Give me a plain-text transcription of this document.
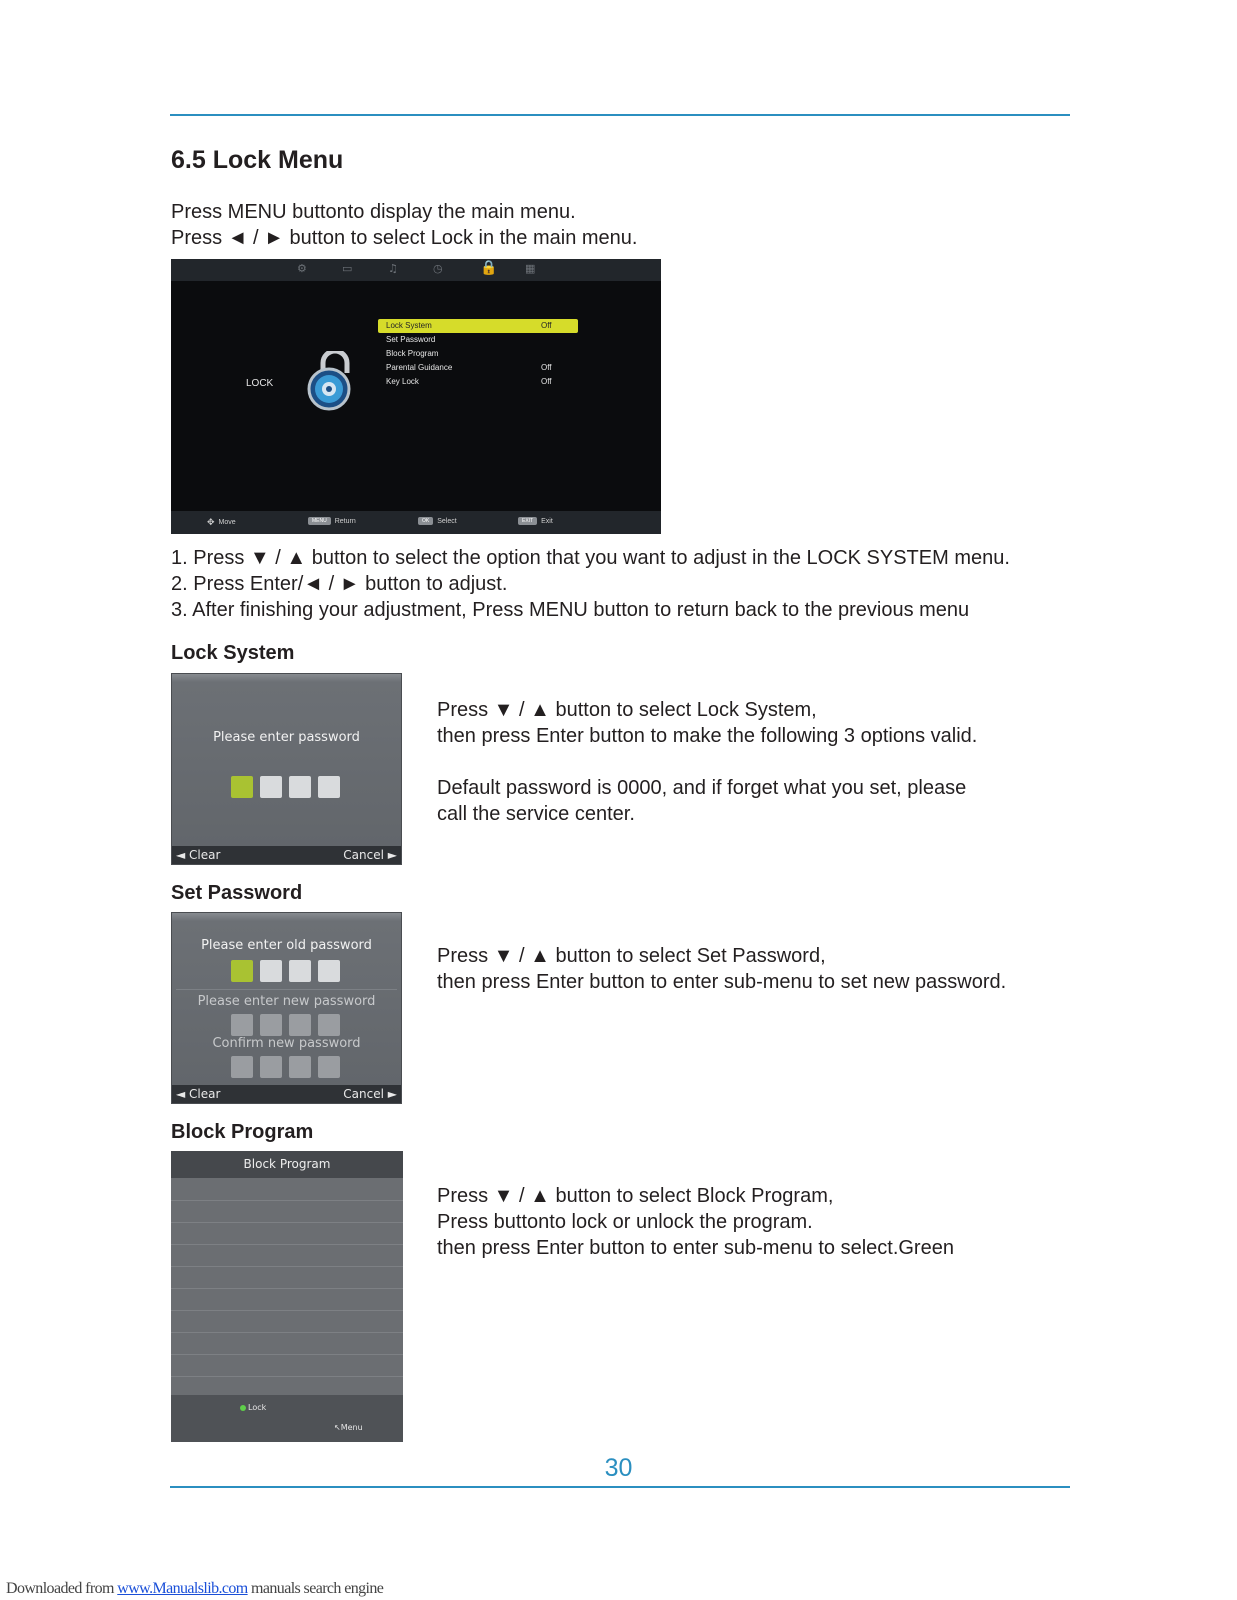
6.5 Lock Menu
Press MENU buttonto display the main menu.
Press ◄ / ► button to select Lock in the main menu.
⚙	▭	♫	◷	🔒	▦
LOCK
Lock System	Off
Set Password
Block Program
Parental Guidance	Off
Key Lock	Off
✥ Move	MENU	Return	OK	Select	EXIT	Exit
1. Press ▼ / ▲ button to select the option that you want to adjust in the LOCK SYSTEM menu.
2. Press Enter/◄ / ► button to adjust.
3. After finishing your adjustment, Press MENU button to return back to the previous menu
Lock System
Please enter password
◄ Clear	Cancel ►
Press ▼ / ▲ button to select Lock System,
then press Enter button to make the following 3 options valid.
Default password is 0000, and if forget what you set, please
call the service center.
Set Password
Please enter old password
Please enter new password
Confirm new password
◄ Clear	Cancel ►
Press ▼ / ▲ button to select Set Password,
then press Enter button to enter sub-menu to set new password.
Block Program
Block Program
Lock
↖Menu
Press ▼ / ▲ button to select Block Program,
Press buttonto lock or unlock the program.
then press Enter button to enter sub-menu to select.Green
30
Downloaded from www.Manualslib.com manuals search engine
